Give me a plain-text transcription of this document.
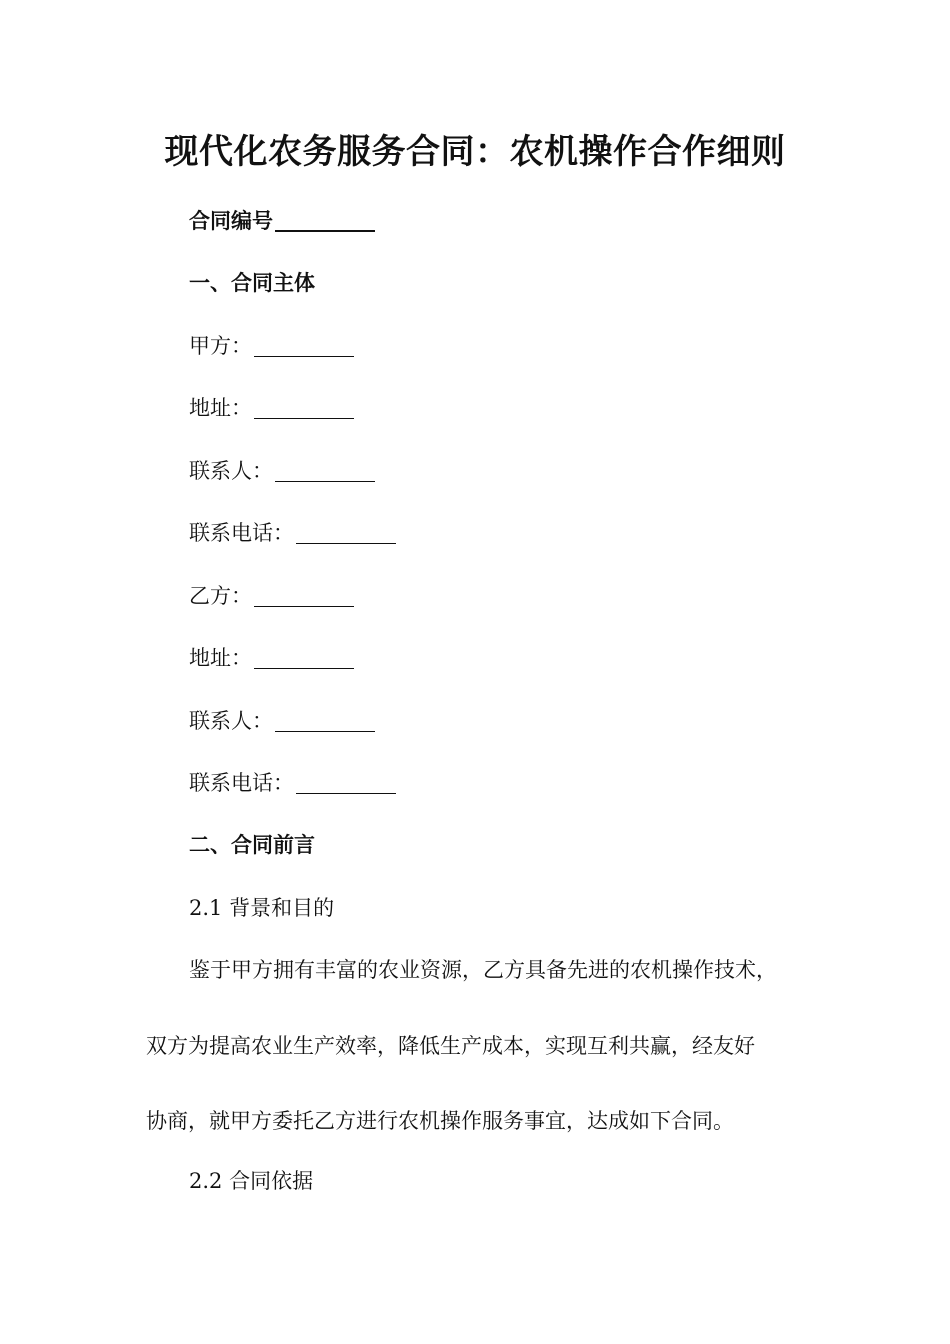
现代化农务服务合同：农机操作合作细则
合同编号
一、合同主体
甲方：
地址：
联系人：
联系电话：
乙方：
地址：
联系人：
联系电话：
二、合同前言
2.1 背景和目的
鉴于甲方拥有丰富的农业资源，乙方具备先进的农机操作技术，
双方为提高农业生产效率，降低生产成本，实现互利共赢，经友好
协商，就甲方委托乙方进行农机操作服务事宜，达成如下合同。
2.2 合同依据
